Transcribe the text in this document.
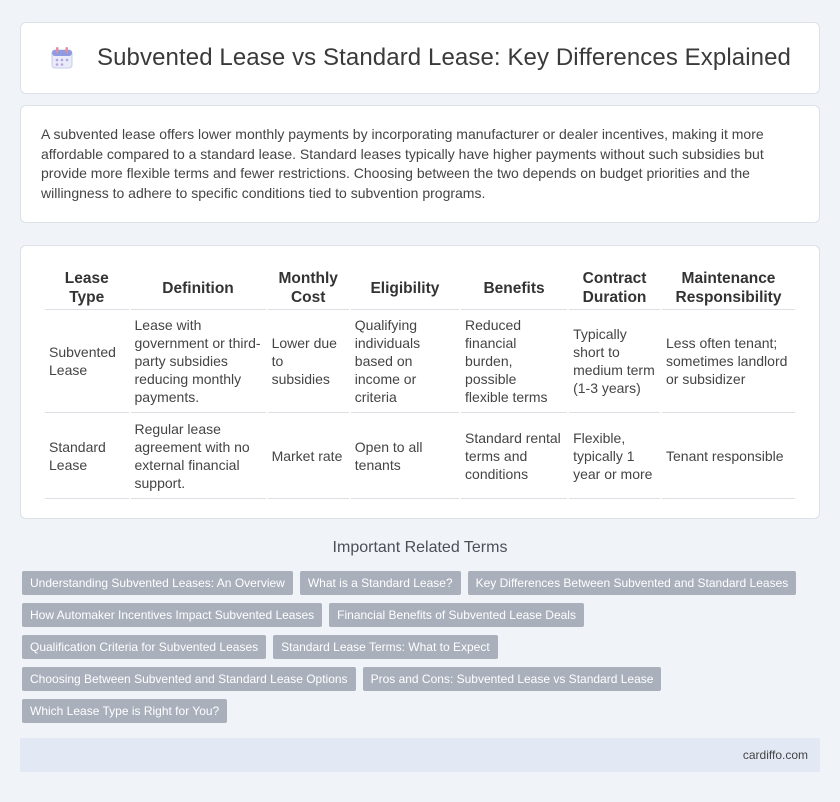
Subvented Lease vs Standard Lease: Key Differences Explained

A subvented lease offers lower monthly payments by incorporating manufacturer or dealer incentives, making it more affordable compared to a standard lease. Standard leases typically have higher payments without such subsidies but provide more flexible terms and fewer restrictions. Choosing between the two depends on budget priorities and the willingness to adhere to specific conditions tied to subvention programs.

Lease Type	Definition	Monthly Cost	Eligibility	Benefits	Contract Duration	Maintenance Responsibility
Subvented Lease	Lease with government or third-party subsidies reducing monthly payments.	Lower due to subsidies	Qualifying individuals based on income or criteria	Reduced financial burden, possible flexible terms	Typically short to medium term (1-3 years)	Less often tenant; sometimes landlord or subsidizer
Standard Lease	Regular lease agreement with no external financial support.	Market rate	Open to all tenants	Standard rental terms and conditions	Flexible, typically 1 year or more	Tenant responsible
Important Related Terms
Understanding Subvented Leases: An Overview	What is a Standard Lease?	Key Differences Between Subvented and Standard Leases
How Automaker Incentives Impact Subvented Leases	Financial Benefits of Subvented Lease Deals
Qualification Criteria for Subvented Leases	Standard Lease Terms: What to Expect
Choosing Between Subvented and Standard Lease Options	Pros and Cons: Subvented Lease vs Standard Lease
Which Lease Type is Right for You?
cardiffo.com
